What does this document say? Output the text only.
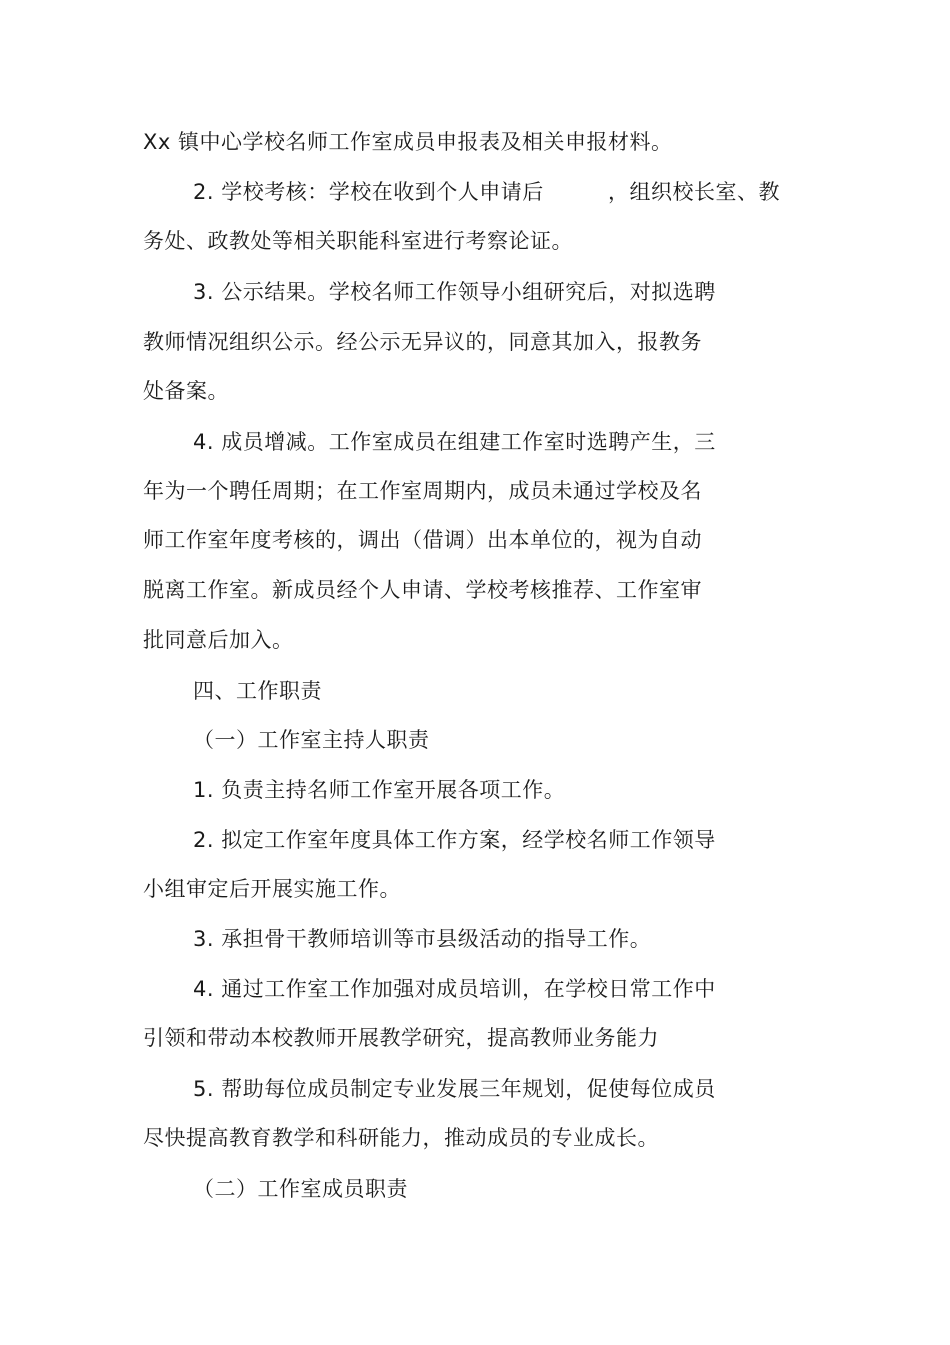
Xx 镇中心学校名师工作室成员申报表及相关申报材料。
2. 学校考核：学校在收到个人申请后	，组织校长室、教
务处、政教处等相关职能科室进行考察论证。
3. 公示结果。学校名师工作领导小组研究后，对拟选聘
教师情况组织公示。经公示无异议的，同意其加入，报教务
处备案。
4. 成员增减。工作室成员在组建工作室时选聘产生，三
年为一个聘任周期；在工作室周期内，成员未通过学校及名
师工作室年度考核的，调出（借调）出本单位的，视为自动
脱离工作室。新成员经个人申请、学校考核推荐、工作室审
批同意后加入。
四、工作职责
（一）工作室主持人职责
1. 负责主持名师工作室开展各项工作。
2. 拟定工作室年度具体工作方案，经学校名师工作领导
小组审定后开展实施工作。
3. 承担骨干教师培训等市县级活动的指导工作。
4. 通过工作室工作加强对成员培训，在学校日常工作中
引领和带动本校教师开展教学研究，提高教师业务能力
5. 帮助每位成员制定专业发展三年规划，促使每位成员
尽快提高教育教学和科研能力，推动成员的专业成长。
（二）工作室成员职责
